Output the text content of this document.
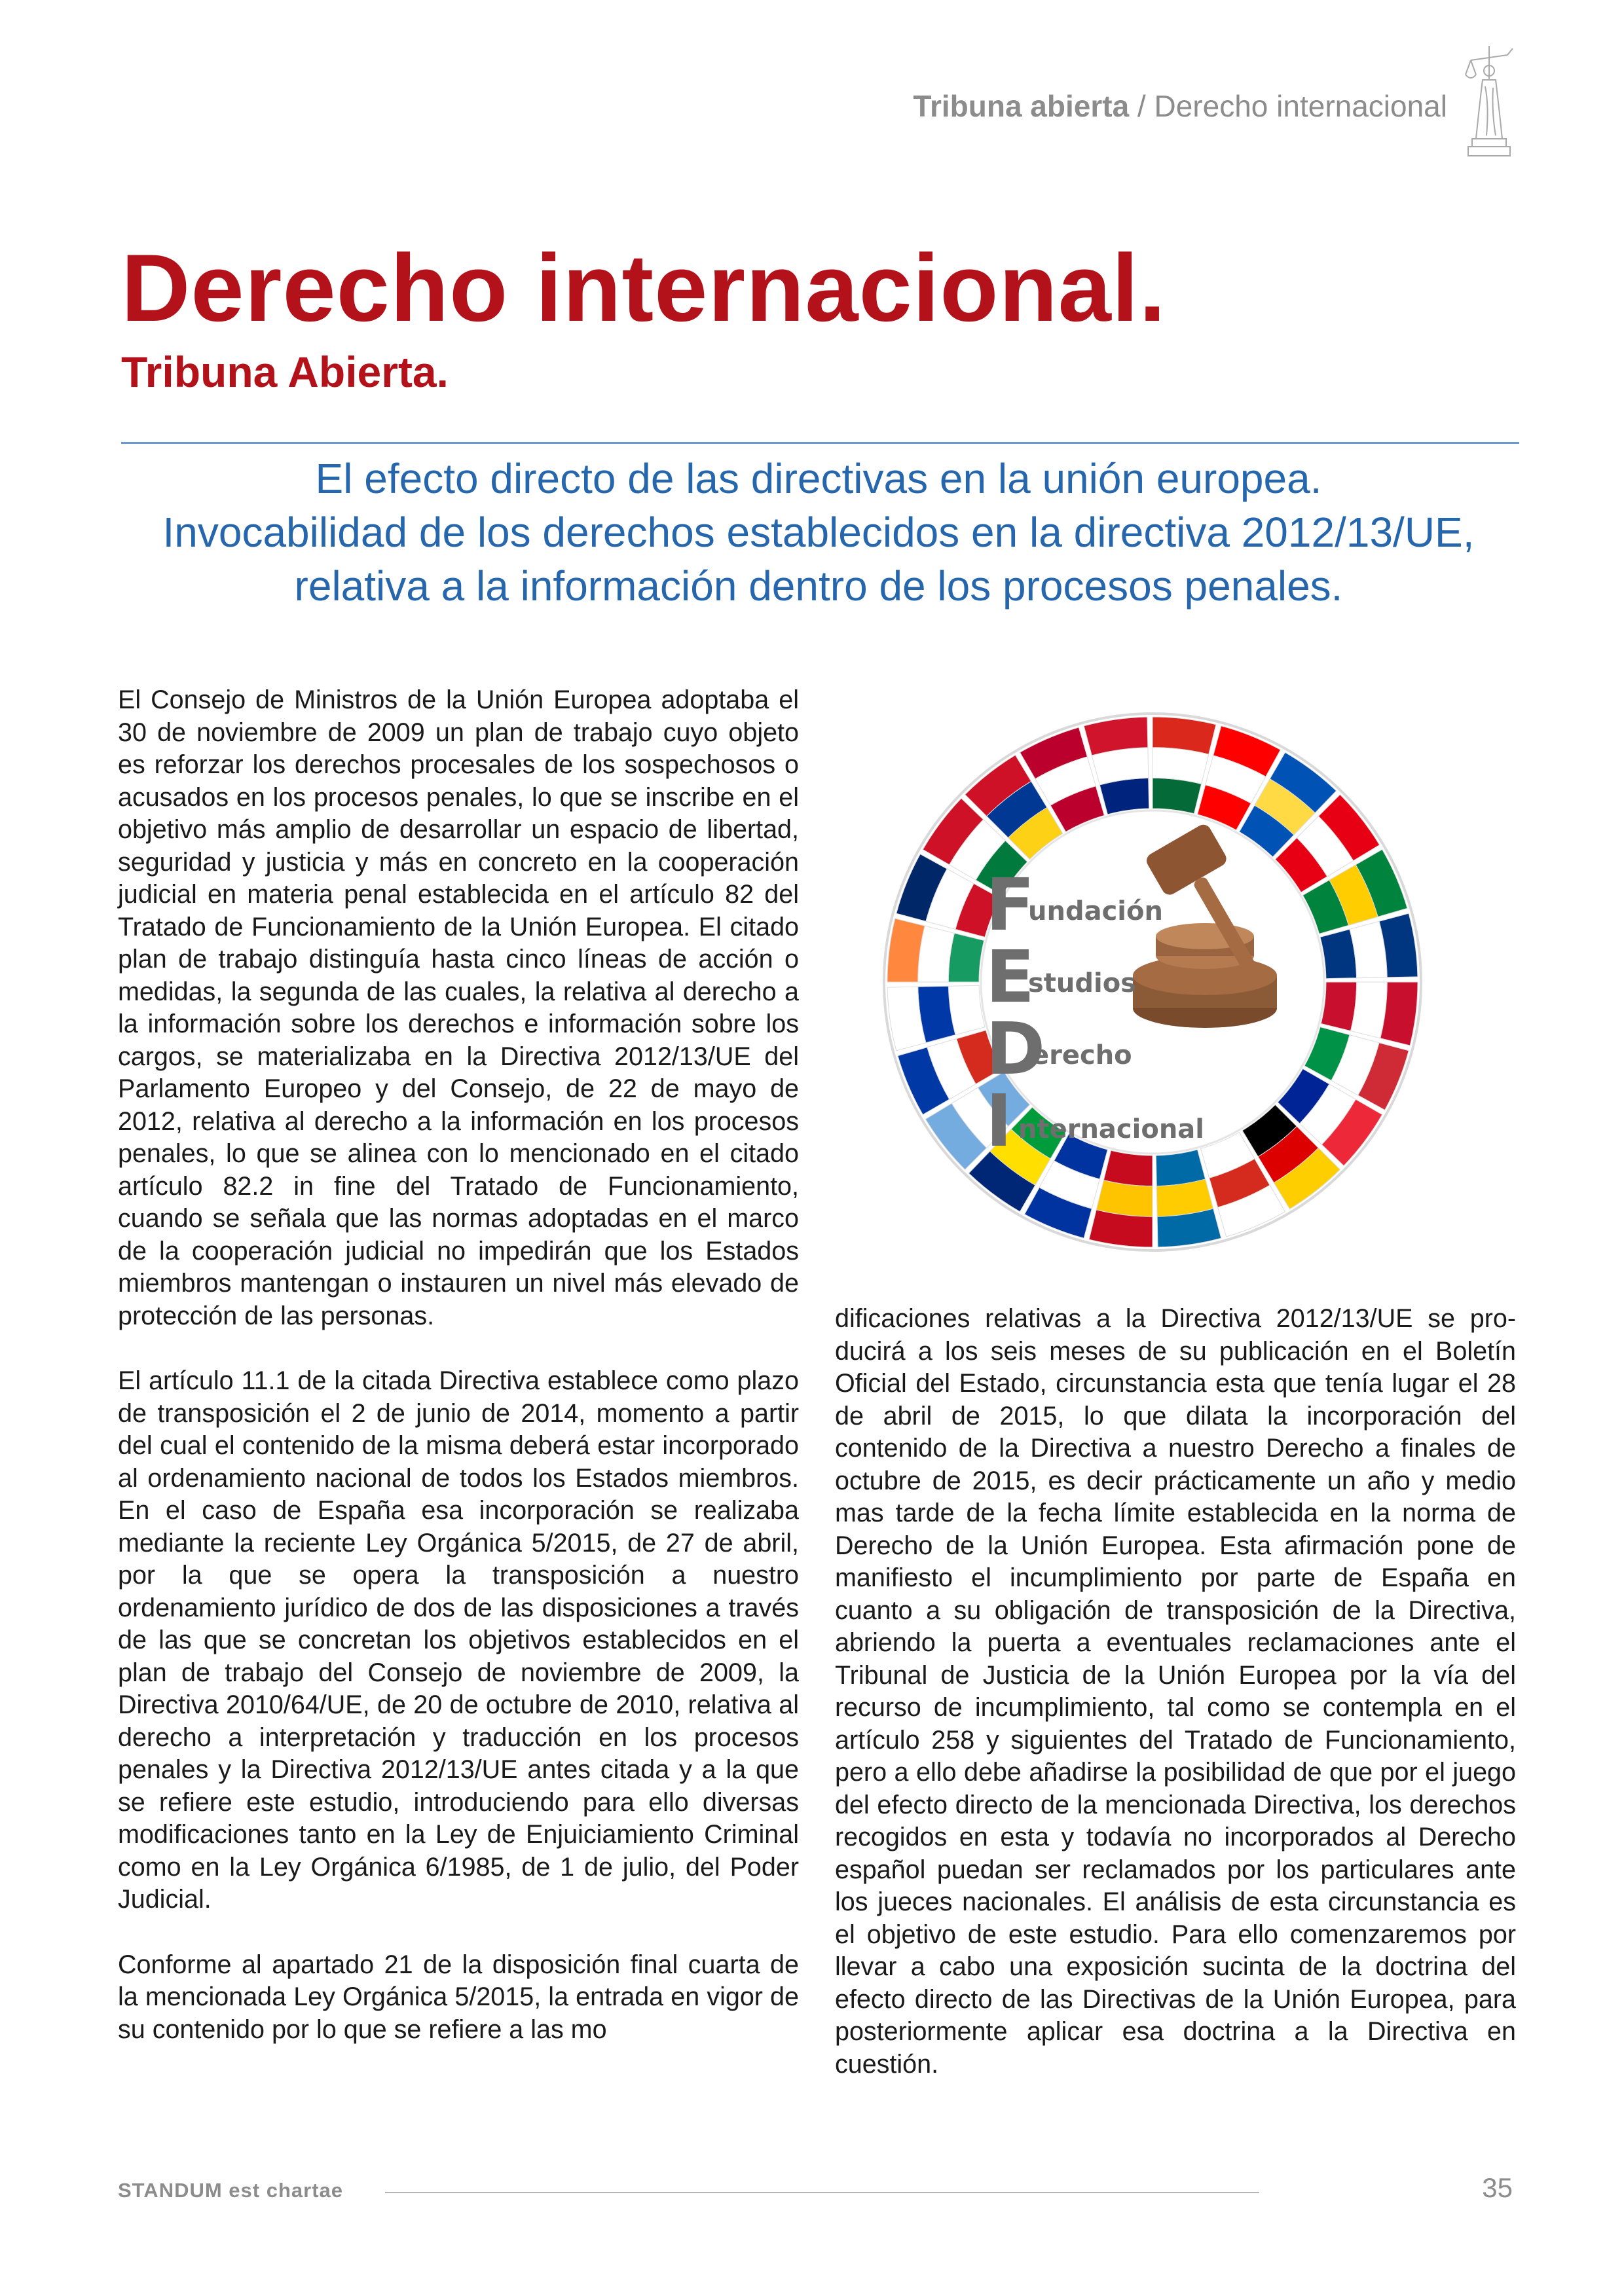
Tribuna abierta / Derecho internacional
Derecho internacional.
Tribuna Abierta.
El efecto directo de las directivas en la unión europea.
Invocabilidad de los derechos establecidos en la directiva 2012/13/UE,
relativa a la información dentro de los procesos penales.

El Consejo de Ministros de la Unión Europea adoptaba el 30 de noviembre de 2009 un plan de trabajo cuyo objeto es reforzar los derechos procesales de los sospechosos o acusados en los procesos penales, lo que se inscribe en el objetivo más amplio de desarrollar un espacio de libertad, seguridad y justicia y más en concreto en la cooperación judicial en materia penal establecida en el artículo 82 del Tratado de Funcionamiento de la Unión Europea. El citado plan de trabajo distinguía hasta cinco líneas de acción o medidas, la segunda de las cuales, la relativa al derecho a la información sobre los derechos e información sobre los cargos, se materializaba en la Directiva 2012/13/UE del Parlamento Europeo y del Consejo, de 22 de mayo de 2012, relativa al derecho a la información en los procesos penales, lo que se alinea con lo mencionado en el citado artículo 82.2 in fine del Tratado de Funcionamiento, cuando se señala que las normas adoptadas en el marco de la cooperación judicial no impedirán que los Estados miembros mantengan o instauren un nivel más elevado de protección de las personas.

El artículo 11.1 de la citada Directiva establece como plazo de transposición el 2 de junio de 2014, momento a partir del cual el contenido de la misma deberá estar incorporado al ordenamiento nacional de todos los Estados miembros. En el caso de España esa incorporación se realizaba mediante la reciente Ley Orgánica 5/2015, de 27 de abril, por la que se opera la transposición a nuestro ordenamiento jurídico de dos de las disposiciones a través de las que se concretan los objetivos establecidos en el plan de trabajo del Consejo de noviembre de 2009, la Directiva 2010/64/UE, de 20 de octubre de 2010, relativa al derecho a interpretación y traducción en los procesos penales y la Directiva 2012/13/UE antes citada y a la que se refiere este estudio, introduciendo para ello diversas modificaciones tanto en la Ley de Enjuiciamiento Criminal como en la Ley Orgánica 6/1985, de 1 de julio, del Poder Judicial.

Conforme al apartado 21 de la disposición final cuarta de la mencionada Ley Orgánica 5/2015, la entrada en vigor de su contenido por lo que se refiere a las mo

dificaciones relativas a la Directiva 2012/13/UE se producirá a los seis meses de su publicación en el Boletín Oficial del Estado, circunstancia esta que tenía lugar el 28 de abril de 2015, lo que dilata la incorporación del contenido de la Directiva a nuestro Derecho a finales de octubre de 2015, es decir prácticamente un año y medio mas tarde de la fecha límite establecida en la norma de Derecho de la Unión Europea. Esta afirmación pone de manifiesto el incumplimiento por parte de España en cuanto a su obligación de transposición de la Directiva, abriendo la puerta a eventuales reclamaciones ante el Tribunal de Justicia de la Unión Europea por la vía del recurso de incumplimiento, tal como se contempla en el artículo 258 y siguientes del Tratado de Funcionamiento, pero a ello debe añadirse la posibilidad de que por el juego del efecto directo de la mencionada Directiva, los derechos recogidos en esta y todavía no incorporados al Derecho español puedan ser reclamados por los particulares ante los jueces nacionales. El análisis de esta circunstancia es el objetivo de este estudio. Para ello comenzaremos por llevar a cabo una exposición sucinta de la doctrina del efecto directo de las Directivas de la Unión Europea, para posteriormente aplicar esa doctrina a la Directiva en cuestión.

F
undación
E
studios
D
erecho
I nternacional
STANDUM est chartae	35
